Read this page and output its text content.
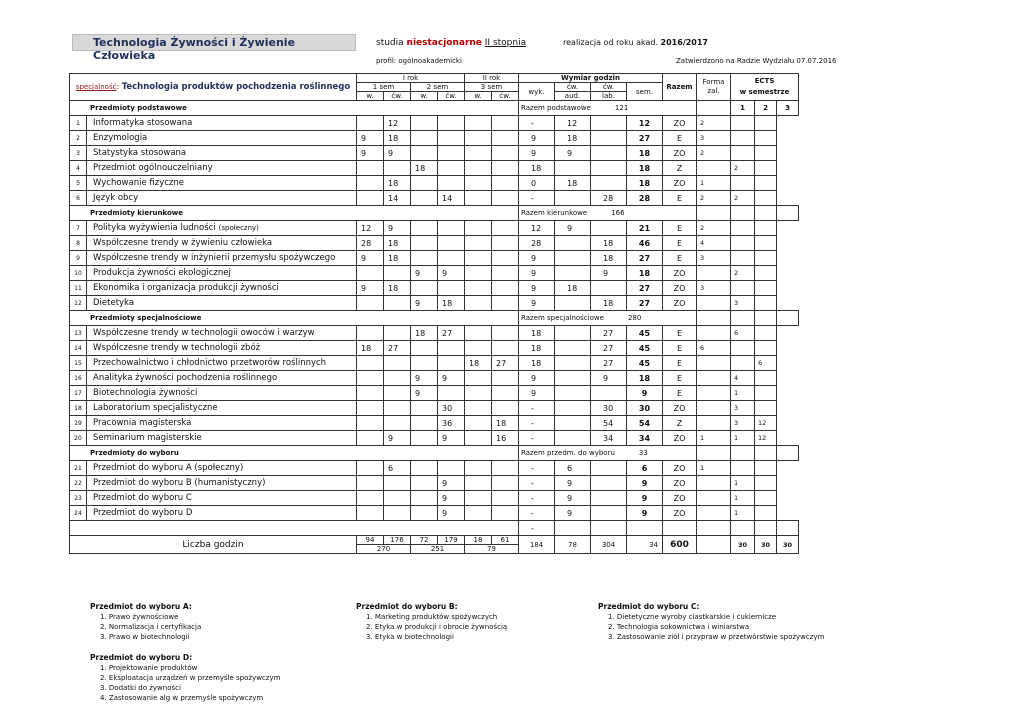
Technologia Żywności i Żywienie Człowieka
studia niestacjonarne II stopnia	realizacja od roku akad. 2016/2017
profil: ogólnoakademicki	Zatwierdzono na Radzie Wydziału 07.07.2016
specjalność: Technologia produktów pochodzenia roślinnego		I rok				II rok		Wymiar godzin				Razem	Forma
zal.	ECTS
w semestrze		
		1 sem		2 sem		3 sem		wyk.	ćw.	ćw.	sem.					
		w.	ćw.	w.	ćw.	w.	ćw.		aud.	lab.						
Przedmioty podstawowe								Razem podstawowe 121						1	2	3
1	Informatyka stosowana		12					-	12		12	ZO	2			
2	Enzymologia	9	18					9	18		27	E	3			
3	Statystyka stosowana	9	9					9	9		18	ZO	2			
4	Przedmiot ogólnouczelniany			18				18			18	Z		2		
5	Wychowanie fizyczne		18					0	18		18	ZO	1			
6	Język obcy		14		14			-		28	28	E	2	2		
Przedmioty kierunkowe								Razem kierunkowe 166								
7	Polityka wyżywienia ludności (społeczny)	12	9					12	9		21	E	2			
8	Współczesne trendy w żywieniu człowieka	28	18					28		18	46	E	4			
9	Współczesne trendy w inżynierii przemysłu spożywczego	9	18					9		18	27	E	3			
10	Produkcja żywności ekologicznej			9	9			9		9	18	ZO		2		
11	Ekonomika i organizacja produkcji żywności	9	18					9	18		27	ZO	3			
12	Dietetyka			9	18			9		18	27	ZO		3		
Przedmioty specjalnościowe								Razem specjalnościowe 280								
13	Współczesne trendy w technologii owoców i warzyw			18	27			18		27	45	E		6		
14	Współczesne trendy w technologii zbóż	18	27					18		27	45	E	6			
15	Przechowalnictwo i chłodnictwo przetworów roślinnych					18	27	18		27	45	E			6	
16	Analityka żywności pochodzenia roślinnego			9	9			9		9	18	E		4		
17	Biotechnologia żywności			9				9			9	E		1		
18	Laboratorium specjalistyczne				30			-		30	30	ZO		3		
19	Pracownia magisterska				36		18	-		54	54	Z		3	12	
20	Seminarium magisterskie		9		9		16	-		34	34	ZO	1	1	12	
Przedmioty do wyboru								Razem przedm. do wyboru 33								
21	Przedmiot do wyboru A (społeczny)		6					-	6		6	ZO	1			
22	Przedmiot do wyboru B (humanistyczny)				9			-	9		9	ZO		1		
23	Przedmiot do wyboru C				9			-	9		9	ZO		1		
24	Przedmiot do wyboru D				9			-	9		9	ZO		1		
								-								
Liczba godzin		94	176	72	179	18	61	184	78	304	34	600		30	30	30
		270		251		79										
Przedmiot do wyboru A:
1. Prawo żywnościowe
2. Normalizacja i certyfikacja
3. Prawo w biotechnologii
Przedmiot do wyboru B:
1. Marketing produktów spożywczych
2. Etyka w produkcji i obrocie żywnością
3. Etyka w biotechnologii
Przedmiot do wyboru C:
1. Dietetyczne wyroby ciastkarskie i cukiernicze
2. Technologia sokownictwa i winiarstwa
3. Zastosowanie ziół i przypraw w przetwórstwie spożywczym
Przedmiot do wyboru D:
1. Projektowanie produktów
2. Eksploatacja urządzeń w przemyśle spożywczym
3. Dodatki do żywności
4. Zastosowanie alg w przemyśle spożywczym
